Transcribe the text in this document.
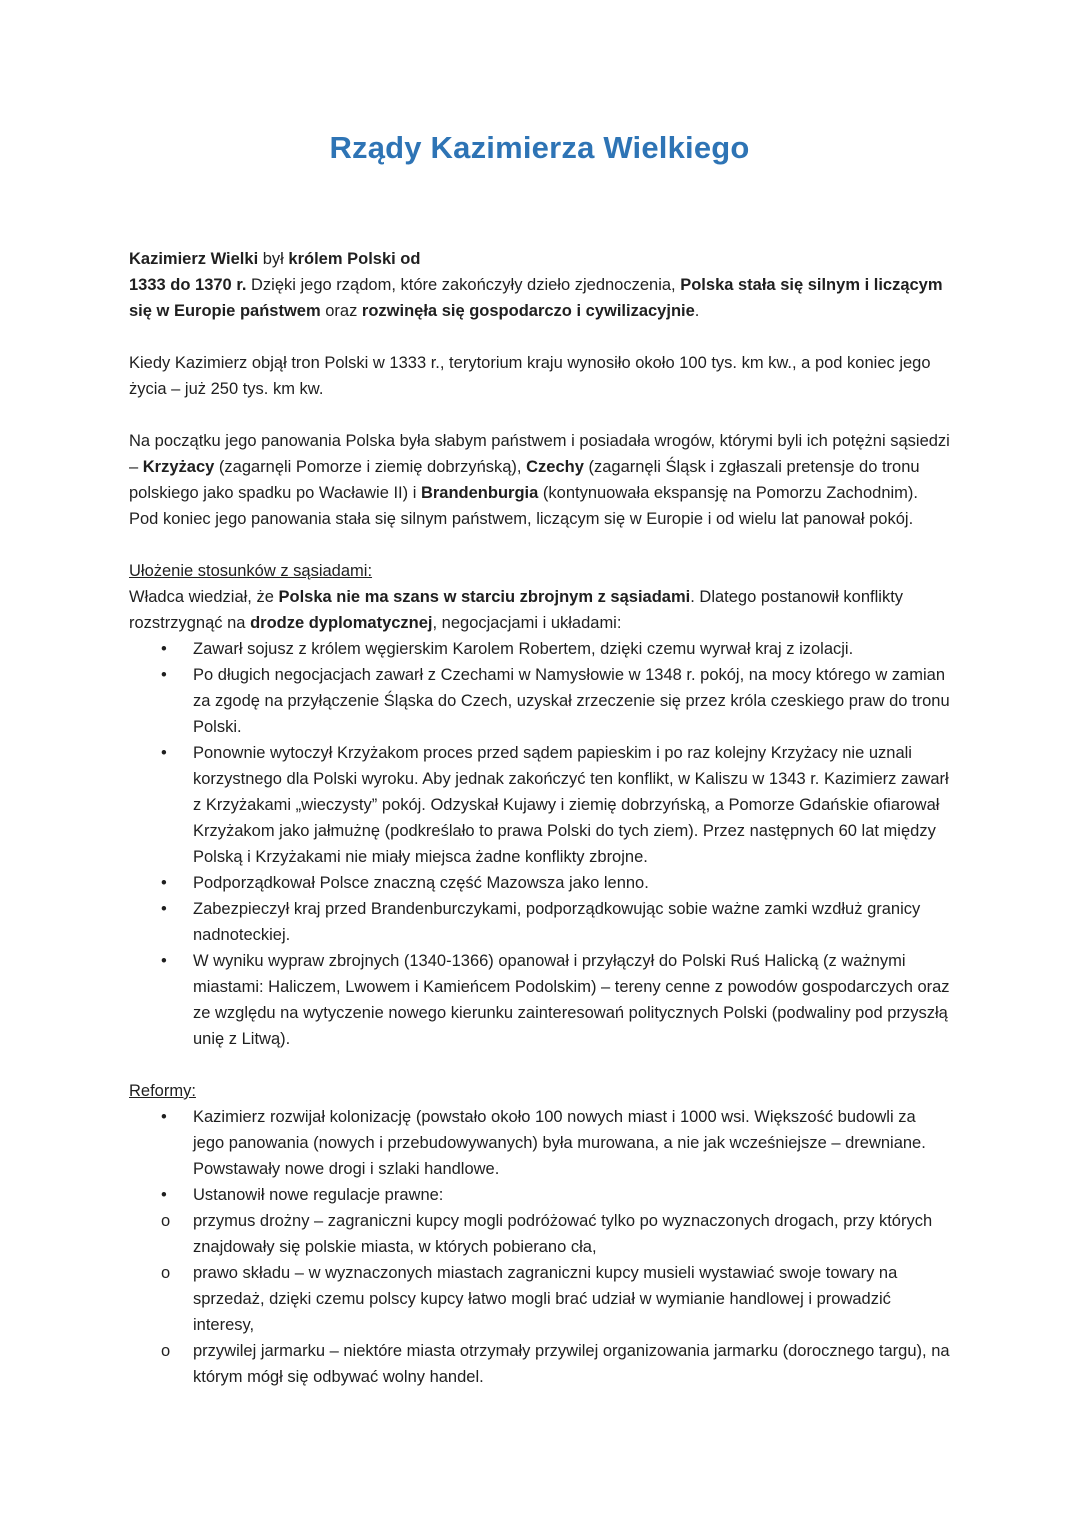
Rządy Kazimierza Wielkiego

Kazimierz Wielki był królem Polski od
1333 do 1370 r. Dzięki jego rządom, które zakończyły dzieło zjednoczenia, Polska stała się silnym i liczącym się w Europie państwem oraz rozwinęła się gospodarczo i cywilizacyjnie.

Kiedy Kazimierz objął tron Polski w 1333 r., terytorium kraju wynosiło około 100 tys. km kw., a pod koniec jego życia – już 250 tys. km kw.

Na początku jego panowania Polska była słabym państwem i posiadała wrogów, którymi byli ich potężni sąsiedzi – Krzyżacy (zagarnęli Pomorze i ziemię dobrzyńską), Czechy (zagarnęli Śląsk i zgłaszali pretensje do tronu polskiego jako spadku po Wacławie II) i Brandenburgia (kontynuowała ekspansję na Pomorzu Zachodnim). Pod koniec jego panowania stała się silnym państwem, liczącym się w Europie i od wielu lat panował pokój.

Ułożenie stosunków z sąsiadami:

Władca wiedział, że Polska nie ma szans w starciu zbrojnym z sąsiadami. Dlatego postanowił konflikty rozstrzygnąć na drodze dyplomatycznej, negocjacjami i układami:

•	Zawarł sojusz z królem węgierskim Karolem Robertem, dzięki czemu wyrwał kraj z izolacji.
•	Po długich negocjacjach zawarł z Czechami w Namysłowie w 1348 r. pokój, na mocy którego w zamian za zgodę na przyłączenie Śląska do Czech, uzyskał zrzeczenie się przez króla czeskiego praw do tronu Polski.
•	Ponownie wytoczył Krzyżakom proces przed sądem papieskim i po raz kolejny Krzyżacy nie uznali korzystnego dla Polski wyroku. Aby jednak zakończyć ten konflikt, w Kaliszu w 1343 r. Kazimierz zawarł z Krzyżakami „wieczysty” pokój. Odzyskał Kujawy i ziemię dobrzyńską, a Pomorze Gdańskie ofiarował Krzyżakom jako jałmużnę (podkreślało to prawa Polski do tych ziem). Przez następnych 60 lat między Polską i Krzyżakami nie miały miejsca żadne konflikty zbrojne.
•	Podporządkował Polsce znaczną część Mazowsza jako lenno.
•	Zabezpieczył kraj przed Brandenburczykami, podporządkowując sobie ważne zamki wzdłuż granicy nadnoteckiej.
•	W wyniku wypraw zbrojnych (1340-1366) opanował i przyłączył do Polski Ruś Halicką (z ważnymi miastami: Haliczem, Lwowem i Kamieńcem Podolskim) – tereny cenne z powodów gospodarczych oraz ze względu na wytyczenie nowego kierunku zainteresowań politycznych Polski (podwaliny pod przyszłą unię z Litwą).

Reformy:

•	Kazimierz rozwijał kolonizację (powstało około 100 nowych miast i 1000 wsi. Większość budowli za jego panowania (nowych i przebudowywanych) była murowana, a nie jak wcześniejsze – drewniane. Powstawały nowe drogi i szlaki handlowe.
•	Ustanowił nowe regulacje prawne:
o	przymus drożny – zagraniczni kupcy mogli podróżować tylko po wyznaczonych drogach, przy których znajdowały się polskie miasta, w których pobierano cła,
o	prawo składu – w wyznaczonych miastach zagraniczni kupcy musieli wystawiać swoje towary na sprzedaż, dzięki czemu polscy kupcy łatwo mogli brać udział w wymianie handlowej i prowadzić interesy,
o	przywilej jarmarku – niektóre miasta otrzymały przywilej organizowania jarmarku (dorocznego targu), na którym mógł się odbywać wolny handel.
